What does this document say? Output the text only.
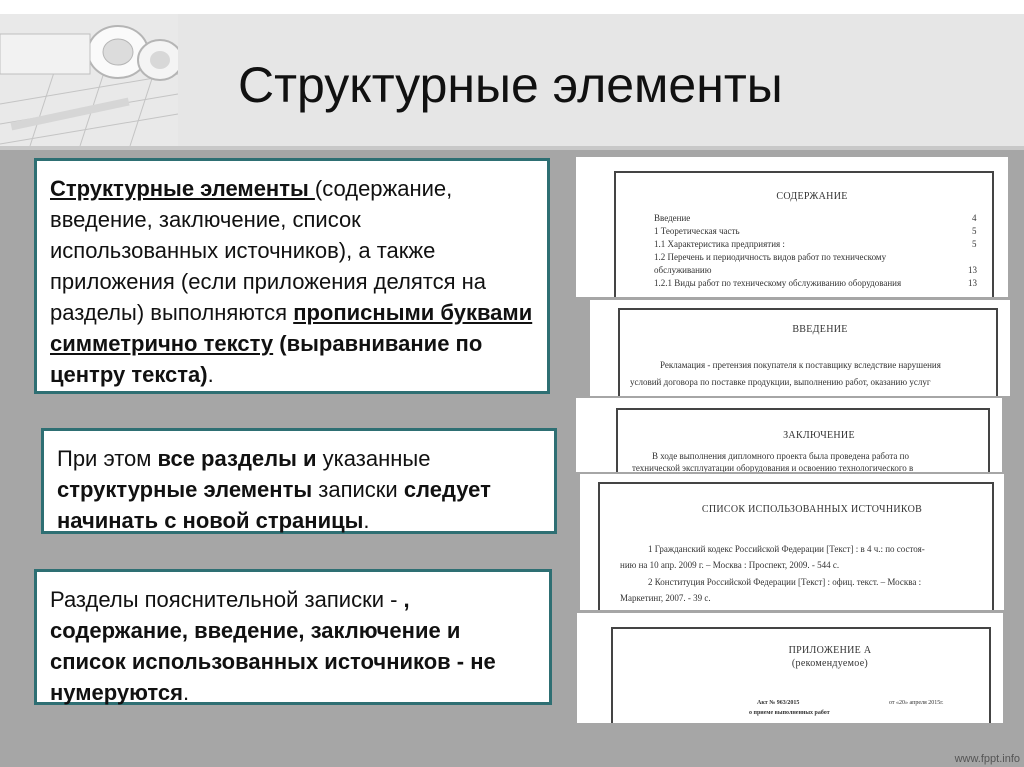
Структурные элементы
Структурные элементы (содержание, введение, заключение, список использованных источников), а также приложения (если приложения делятся на разделы) выполняются прописными буквами симметрично тексту (выравнивание по центру текста).
При этом все разделы и указанные структурные элементы записки следует начинать с новой страницы.
Разделы пояснительной записки - , содержание, введение, заключение и список использованных источников - не нумеруются.
СОДЕРЖАНИЕ
Введение	4
1 Теоретическая часть	5
1.1 Характеристика предприятия :	5
1.2 Перечень и периодичность видов работ по техническому
обслуживанию	13
1.2.1 Виды работ по техническому обслуживанию оборудования	13
ВВЕДЕНИЕ
Рекламация - претензия покупателя к поставщику вследствие нарушения
условий договора по поставке продукции, выполнению работ, оказанию услуг
ЗАКЛЮЧЕНИЕ
В ходе выполнения дипломного проекта была проведена работа по
технической эксплуатации оборудования и освоению технологического в
СПИСОК ИСПОЛЬЗОВАННЫХ ИСТОЧНИКОВ
1 Гражданский кодекс Российской Федерации [Текст] : в 4 ч.: по состоя-
нию на 10 апр. 2009 г. – Москва : Проспект, 2009. - 544 с.
2 Конституция Российской Федерации [Текст] : офиц. текст. – Москва :
Маркетинг, 2007. - 39 с.
ПРИЛОЖЕНИЕ А
(рекомендуемое)
Акт № 963/2015	от «20» апреля 2015г.
о приеме выполненных работ
www.fppt.info
